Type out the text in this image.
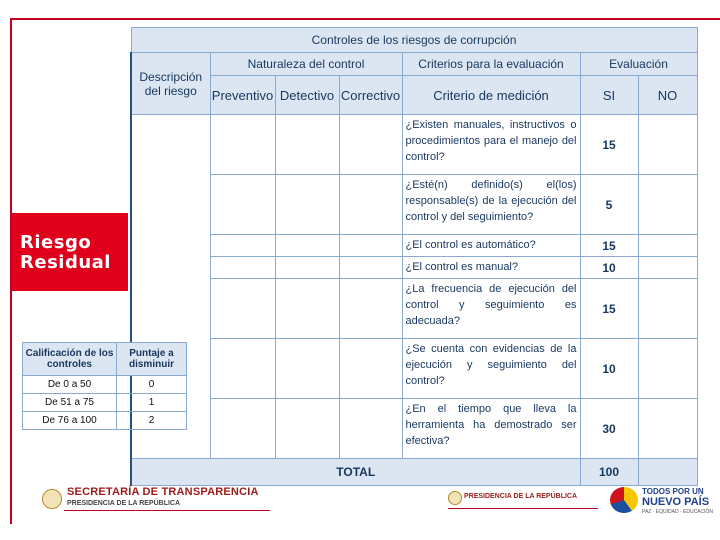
Controles de los riesgos de corrupción						
Descripción del riesgo	Naturaleza del control			Criterios para la evaluación	Evaluación	
	Preventivo	Detectivo	Correctivo	Criterio de medición	SI	NO
				¿Existen manuales, instructivos o procedimientos para el manejo del control?	15	
				¿Esté(n) definido(s) el(los) responsable(s) de la ejecución del control y del seguimiento?	5	
				¿El control es automático?	15	
				¿El control es manual?	10	
				¿La frecuencia de ejecución del control y seguimiento es adecuada?	15	
				¿Se cuenta con evidencias de la ejecución y seguimiento del control?	10	
				¿En el tiempo que lleva la herramienta ha demostrado ser efectiva?	30	
TOTAL					100	
Riesgo
Residual
Calificación de los controles	Puntaje a disminuir
De 0 a 50	0
De 51 a 75	1
De 76 a 100	2
SECRETARÍA DE TRANSPARENCIA
PRESIDENCIA DE LA REPÚBLICA
PRESIDENCIA DE LA REPÚBLICA
TODOS POR UN
NUEVO PAÍS
PAZ · EQUIDAD · EDUCACIÓN
